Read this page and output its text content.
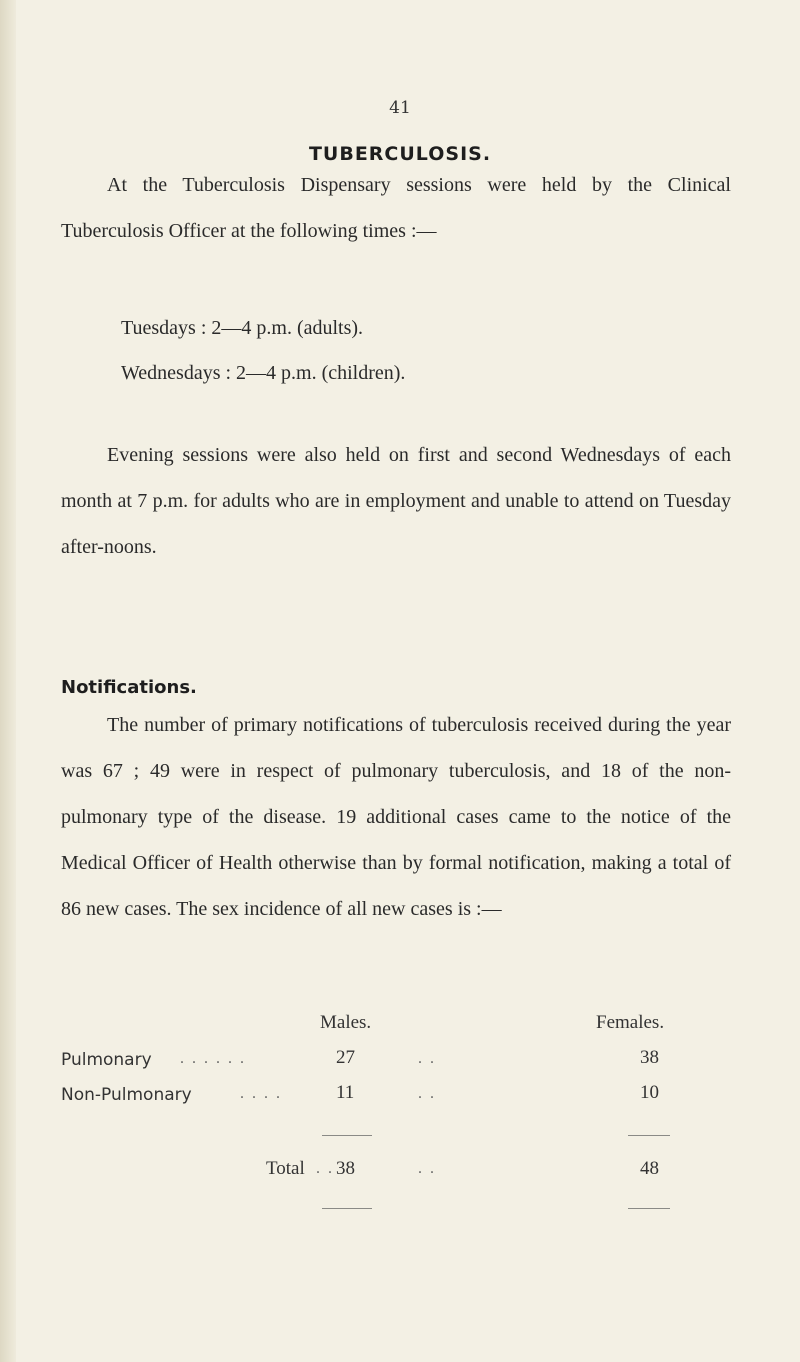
41
TUBERCULOSIS.
At the Tuberculosis Dispensary sessions were held by the Clinical Tuberculosis Officer at the following times :—
Tuesdays : 2—4 p.m. (adults).
Wednesdays : 2—4 p.m. (children).
Evening sessions were also held on first and second Wednesdays of each month at 7 p.m. for adults who are in employment and unable to attend on Tuesday after-noons.
Notifications.
The number of primary notifications of tuberculosis received during the year was 67 ; 49 were in respect of pulmonary tuberculosis, and 18 of the non-pulmonary type of the disease. 19 additional cases came to the notice of the Medical Officer of Health otherwise than by formal notification, making a total of 86 new cases. The sex incidence of all new cases is :—
Males.	Females.
Pulmonary . . . . . .	27	. .	38
Non-Pulmonary	. . . .	11	. .	10
Total . . 38	. .	48
